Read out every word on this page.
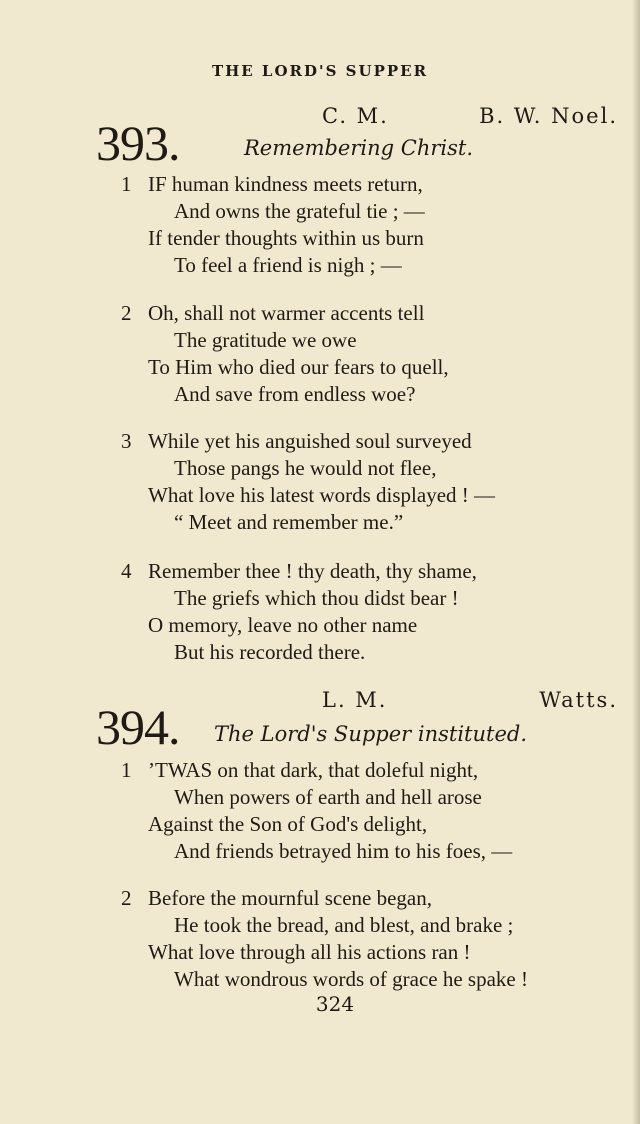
THE LORD'S SUPPER
393.	C. M.	B. W. Noel.
Remembering Christ.
1 IF human kindness meets return,
And owns the grateful tie ; —
If tender thoughts within us burn
To feel a friend is nigh ; —
2 Oh, shall not warmer accents tell
The gratitude we owe
To Him who died our fears to quell,
And save from endless woe?
3 While yet his anguished soul surveyed
Those pangs he would not flee,
What love his latest words displayed ! —
“ Meet and remember me.”
4 Remember thee ! thy death, thy shame,
The griefs which thou didst bear !
O memory, leave no other name
But his recorded there.
394.	L. M.	Watts.
The Lord's Supper instituted.
1 ’TWAS on that dark, that doleful night,
When powers of earth and hell arose
Against the Son of God's delight,
And friends betrayed him to his foes, —
2 Before the mournful scene began,
He took the bread, and blest, and brake ;
What love through all his actions ran !
What wondrous words of grace he spake !
324
